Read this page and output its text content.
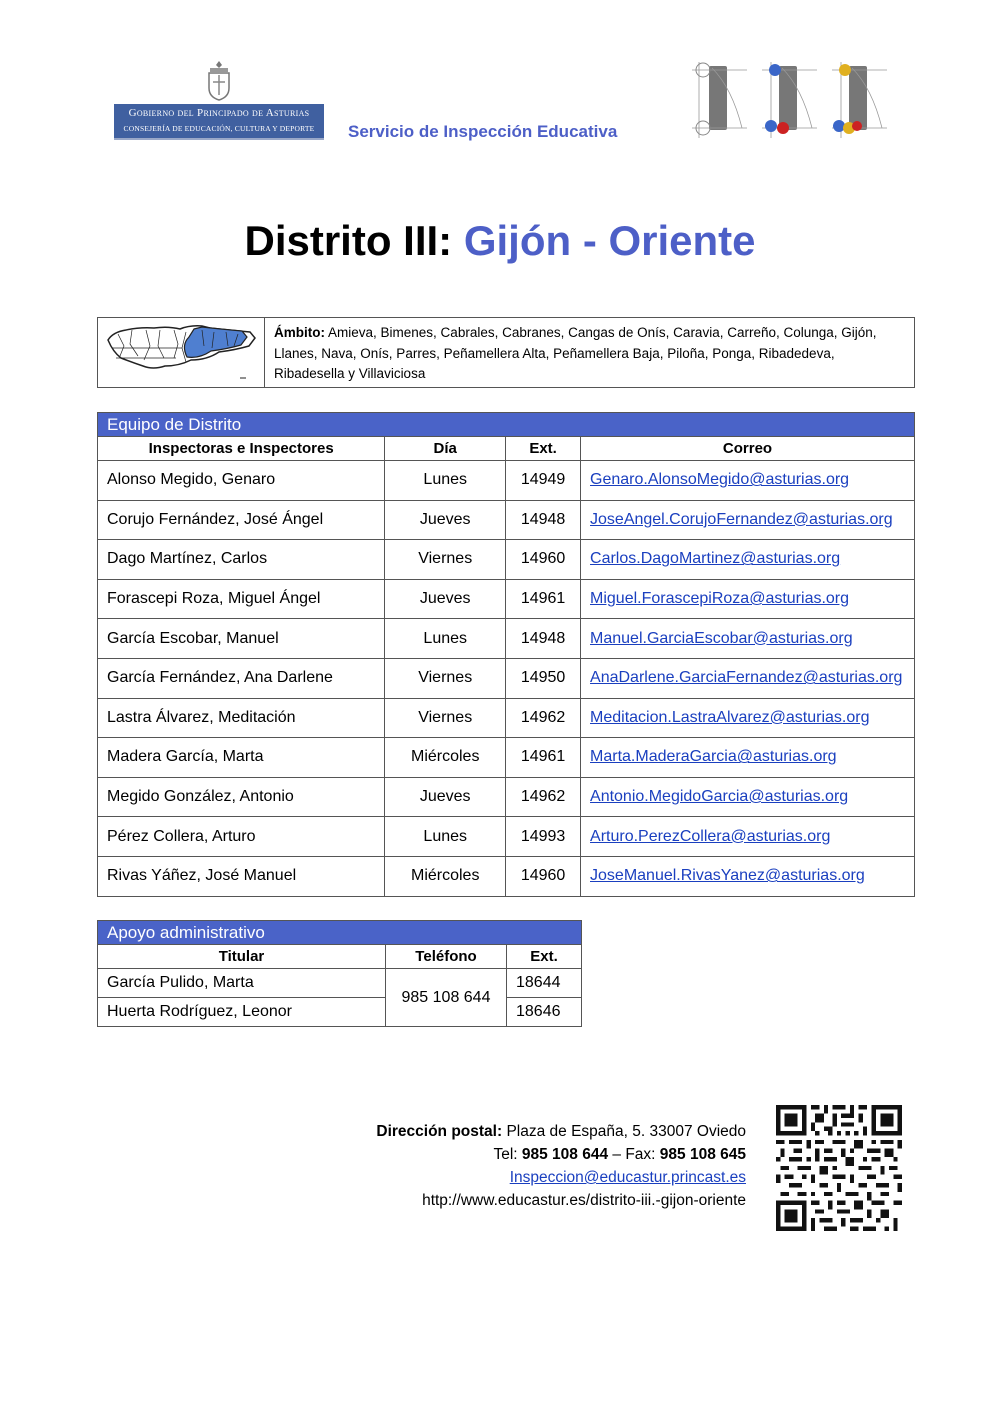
Gobierno del Principado de Asturias
CONSEJERÍA DE EDUCACIÓN, CULTURA Y DEPORTE	Servicio de Inspección Educativa
Distrito III: Gijón - Oriente
Ámbito: Amieva, Bimenes, Cabrales, Cabranes, Cangas de Onís, Caravia, Carreño, Colunga, Gijón, Llanes, Nava, Onís, Parres, Peñamellera Alta, Peñamellera Baja, Piloña, Ponga, Ribadedeva, Ribadesella y Villaviciosa
Equipo de Distrito			
Inspectoras e Inspectores	Día	Ext.	Correo
Alonso Megido, Genaro	Lunes	14949	Genaro.AlonsoMegido@asturias.org
Corujo Fernández, José Ángel	Jueves	14948	JoseAngel.CorujoFernandez@asturias.org
Dago Martínez, Carlos	Viernes	14960	Carlos.DagoMartinez@asturias.org
Forascepi Roza, Miguel Ángel	Jueves	14961	Miguel.ForascepiRoza@asturias.org
García Escobar, Manuel	Lunes	14948	Manuel.GarciaEscobar@asturias.org
García Fernández, Ana Darlene	Viernes	14950	AnaDarlene.GarciaFernandez@asturias.org
Lastra Álvarez, Meditación	Viernes	14962	Meditacion.LastraAlvarez@asturias.org
Madera García, Marta	Miércoles	14961	Marta.MaderaGarcia@asturias.org
Megido González, Antonio	Jueves	14962	Antonio.MegidoGarcia@asturias.org
Pérez Collera, Arturo	Lunes	14993	Arturo.PerezCollera@asturias.org
Rivas Yáñez, José Manuel	Miércoles	14960	JoseManuel.RivasYanez@asturias.org
Apoyo administrativo		
Titular	Teléfono	Ext.
García Pulido, Marta	985 108 644	18644
Huerta Rodríguez, Leonor		18646
Dirección postal: Plaza de España, 5. 33007 Oviedo
Tel: 985 108 644 – Fax: 985 108 645
Inspeccion@educastur.princast.es
http://www.educastur.es/distrito-iii.-gijon-oriente
